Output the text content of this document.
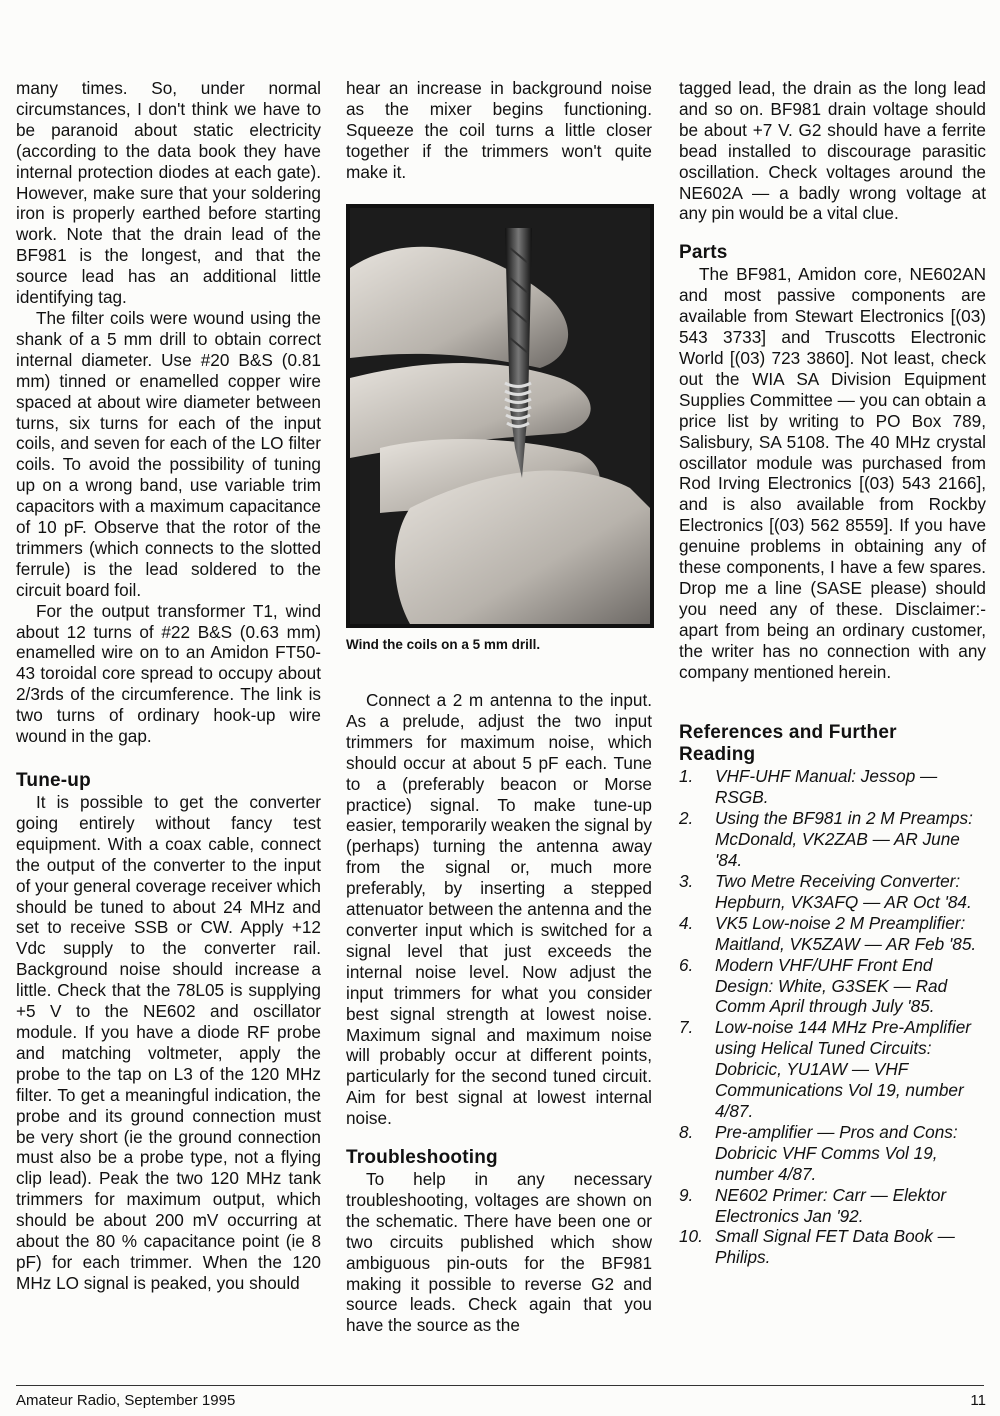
many times. So, under normal circumstances, I don't think we have to be paranoid about static electricity (according to the data book they have internal protection diodes at each gate). However, make sure that your soldering iron is properly earthed before starting work. Note that the drain lead of the BF981 is the longest, and that the source lead has an additional little identifying tag.

The filter coils were wound using the shank of a 5 mm drill to obtain correct internal diameter. Use #20 B&S (0.81 mm) tinned or enamelled copper wire spaced at about wire diameter between turns, six turns for each of the input coils, and seven for each of the LO filter coils. To avoid the possibility of tuning up on a wrong band, use variable trim capacitors with a maximum capacitance of 10 pF. Observe that the rotor of the trimmers (which connects to the slotted ferrule) is the lead soldered to the circuit board foil.

For the output transformer T1, wind about 12 turns of #22 B&S (0.63 mm) enamelled wire on to an Amidon FT50-43 toroidal core spread to occupy about 2/3rds of the circumference. The link is two turns of ordinary hook-up wire wound in the gap.

Tune-up

It is possible to get the converter going entirely without fancy test equipment. With a coax cable, connect the output of the converter to the input of your general coverage receiver which should be tuned to about 24 MHz and set to receive SSB or CW. Apply +12 Vdc supply to the converter rail. Background noise should increase a little. Check that the 78L05 is supplying +5 V to the NE602 and oscillator module. If you have a diode RF probe and matching voltmeter, apply the probe to the tap on L3 of the 120 MHz filter. To get a meaningful indication, the probe and its ground connection must be very short (ie the ground connection must also be a probe type, not a flying clip lead). Peak the two 120 MHz tank trimmers for maximum output, which should be about 200 mV occurring at about the 80 % capacitance point (ie 8 pF) for each trimmer. When the 120 MHz LO signal is peaked, you should

hear an increase in background noise as the mixer begins functioning. Squeeze the coil turns a little closer together if the trimmers won't quite make it.

Wind the coils on a 5 mm drill.

Connect a 2 m antenna to the input. As a prelude, adjust the two input trimmers for maximum noise, which should occur at about 5 pF each. Tune to a (preferably beacon or Morse practice) signal. To make tune-up easier, temporarily weaken the signal by (perhaps) turning the antenna away from the signal or, much more preferably, by inserting a stepped attenuator between the antenna and the converter input which is switched for a signal level that just exceeds the internal noise level. Now adjust the input trimmers for what you consider best signal strength at lowest noise. Maximum signal and maximum noise will probably occur at different points, particularly for the second tuned circuit. Aim for best signal at lowest internal noise.

Troubleshooting

To help in any necessary troubleshooting, voltages are shown on the schematic. There have been one or two circuits published which show ambiguous pin-outs for the BF981 making it possible to reverse G2 and source leads. Check again that you have the source as the

tagged lead, the drain as the long lead and so on. BF981 drain voltage should be about +7 V. G2 should have a ferrite bead installed to discourage parasitic oscillation. Check voltages around the NE602A — a badly wrong voltage at any pin would be a vital clue.

Parts

The BF981, Amidon core, NE602AN and most passive components are available from Stewart Electronics [(03) 543 3733] and Truscotts Electronic World [(03) 723 3860]. Not least, check out the WIA SA Division Equipment Supplies Committee — you can obtain a price list by writing to PO Box 789, Salisbury, SA 5108. The 40 MHz crystal oscillator module was purchased from Rod Irving Electronics [(03) 543 2166], and is also available from Rockby Electronics [(03) 562 8559]. If you have genuine problems in obtaining any of these components, I have a few spares. Drop me a line (SASE please) should you need any of these. Disclaimer:- apart from being an ordinary customer, the writer has no connection with any company mentioned herein.

References and Further Reading
1. VHF-UHF Manual: Jessop — RSGB.
2. Using the BF981 in 2 M Preamps: McDonald, VK2ZAB — AR June '84.
3. Two Metre Receiving Converter: Hepburn, VK3AFQ — AR Oct '84.
4. VK5 Low-noise 2 M Preamplifier: Maitland, VK5ZAW — AR Feb '85.
6. Modern VHF/UHF Front End Design: White, G3SEK — Rad Comm April through July '85.
7. Low-noise 144 MHz Pre-Amplifier using Helical Tuned Circuits: Dobricic, YU1AW — VHF Communications Vol 19, number 4/87.
8. Pre-amplifier — Pros and Cons: Dobricic VHF Comms Vol 19, number 4/87.
9. NE602 Primer: Carr — Elektor Electronics Jan '92.
10. Small Signal FET Data Book — Philips.
Amateur Radio, September 1995	11
